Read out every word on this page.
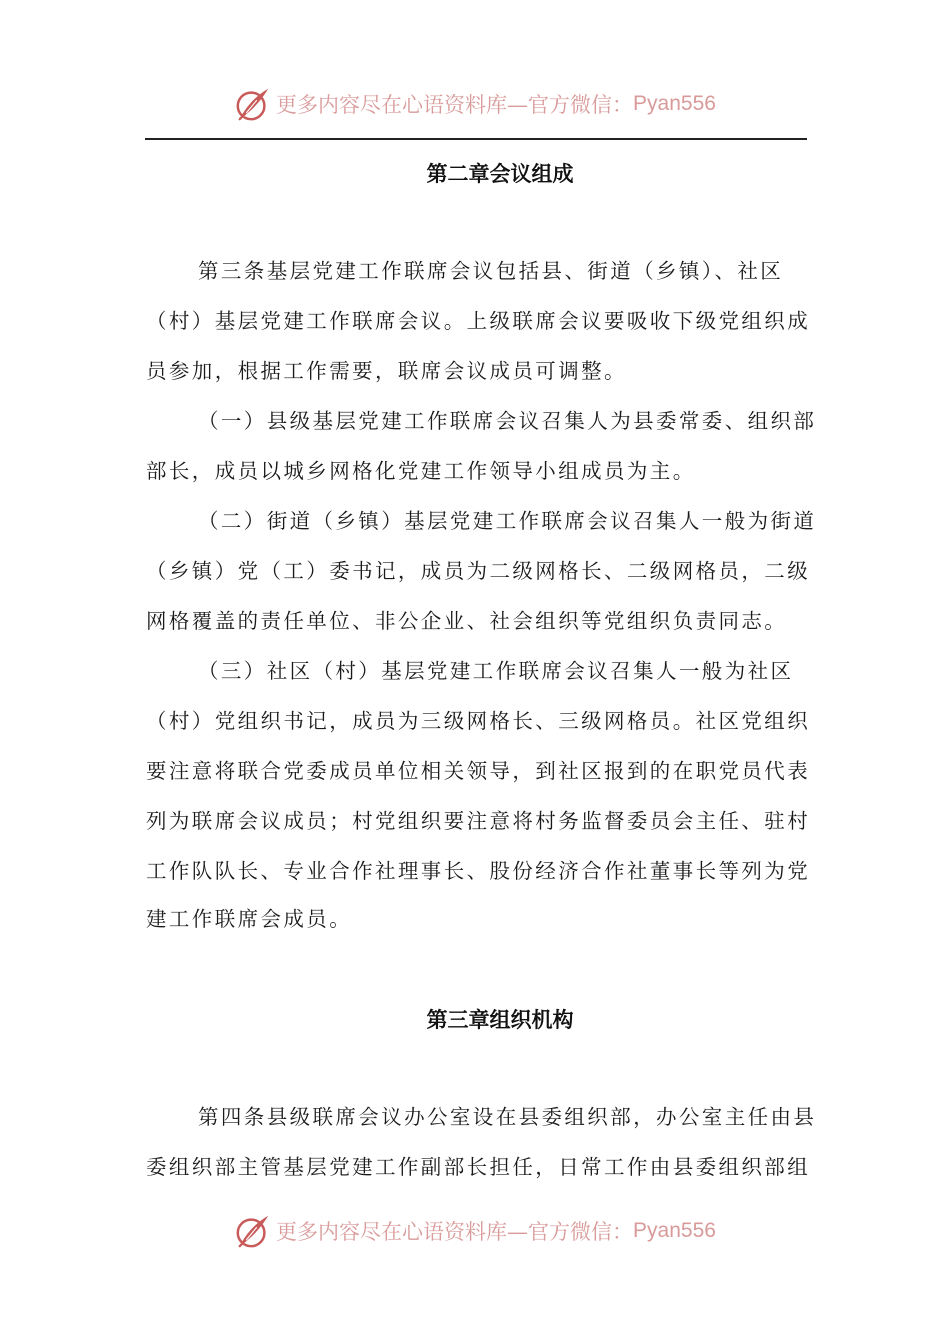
更多内容尽在心语资料库—官方微信： Pyan556
第二章会议组成
第三条基层党建工作联席会议包括县、街道（乡镇）、社区
（村）基层党建工作联席会议。上级联席会议要吸收下级党组织成
员参加，根据工作需要，联席会议成员可调整。
（一）县级基层党建工作联席会议召集人为县委常委、组织部
部长，成员以城乡网格化党建工作领导小组成员为主。
（二）街道（乡镇）基层党建工作联席会议召集人一般为街道
（乡镇）党（工）委书记，成员为二级网格长、二级网格员，二级
网格覆盖的责任单位、非公企业、社会组织等党组织负责同志。
（三）社区（村）基层党建工作联席会议召集人一般为社区
（村）党组织书记，成员为三级网格长、三级网格员。社区党组织
要注意将联合党委成员单位相关领导，到社区报到的在职党员代表
列为联席会议成员；村党组织要注意将村务监督委员会主任、驻村
工作队队长、专业合作社理事长、股份经济合作社董事长等列为党
建工作联席会成员。
第三章组织机构
第四条县级联席会议办公室设在县委组织部，办公室主任由县
委组织部主管基层党建工作副部长担任，日常工作由县委组织部组
更多内容尽在心语资料库—官方微信： Pyan556
